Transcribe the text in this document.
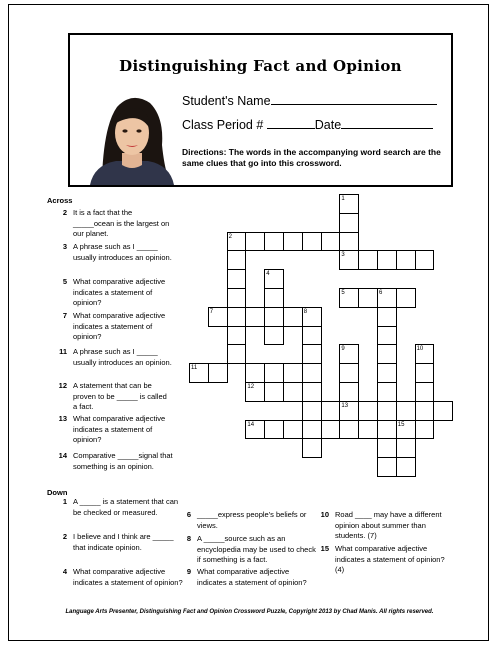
Distinguishing Fact and Opinion
Student's Name
Class Period #	Date
Directions: The words in the accompanying word search are the same clues that go into this crossword.
Across
2 It is a fact that the _____ocean is the largest on our planet.
3 A phrase such as I _____ usually introduces an opinion.
5 What comparative adjective indicates a statement of opinion?
7 What comparative adjective indicates a statement of opinion?
11 A phrase such as I _____ usually introduces an opinion.
12 A statement that can be proven to be _____ is called a fact.
13 What comparative adjective indicates a statement of opinion?
14 Comparative _____signal that something is an opinion.
Down
1 A _____ is a statement that can be checked or measured.
2 I believe and I think are _____ that indicate opinion.
4 What comparative adjective indicates a statement of opinion?
6 _____express people's beliefs or views.
8 A _____source such as an encyclopedia may be used to check if something is a fact.
9 What comparative adjective indicates a statement of opinion?
10 Road ____ may have a different opinion about summer than students. (7)
15 What comparative adjective indicates a statement of opinion? (4)
1
2
3
4
5	6
7	8
9	10
11
12
13
14	15
Language Arts Presenter, Distinguishing Fact and Opinion Crossword Puzzle, Copyright 2013 by Chad Manis. All rights reserved.
